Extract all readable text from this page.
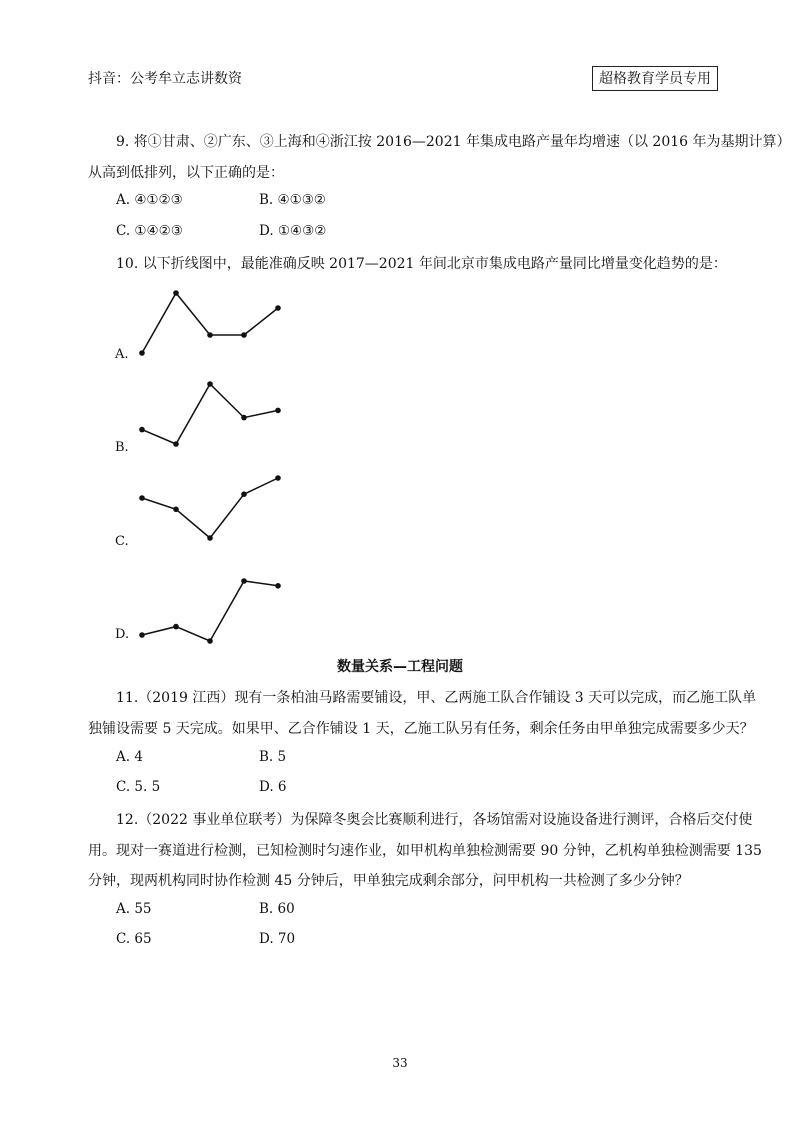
抖音：公考牟立志讲数资	超格教育学员专用
9. 将①甘肃、②广东、③上海和④浙江按 2016—2021 年集成电路产量年均增速（以 2016 年为基期计算）
从高到低排列，以下正确的是：
A. ④①②③	B. ④①③②
C. ①④②③	D. ①④③②
10. 以下折线图中，最能准确反映 2017—2021 年间北京市集成电路产量同比增量变化趋势的是：
A.
B.
C.
D.
数量关系—工程问题
11.（2019 江西）现有一条柏油马路需要铺设，甲、乙两施工队合作铺设 3 天可以完成，而乙施工队单
独铺设需要 5 天完成。如果甲、乙合作铺设 1 天，乙施工队另有任务，剩余任务由甲单独完成需要多少天？
A. 4	B. 5
C. 5. 5	D. 6
12.（2022 事业单位联考）为保障冬奥会比赛顺利进行，各场馆需对设施设备进行测评，合格后交付使
用。现对一赛道进行检测，已知检测时匀速作业，如甲机构单独检测需要 90 分钟，乙机构单独检测需要 135
分钟，现两机构同时协作检测 45 分钟后，甲单独完成剩余部分，问甲机构一共检测了多少分钟？
A. 55	B. 60
C. 65	D. 70
33
